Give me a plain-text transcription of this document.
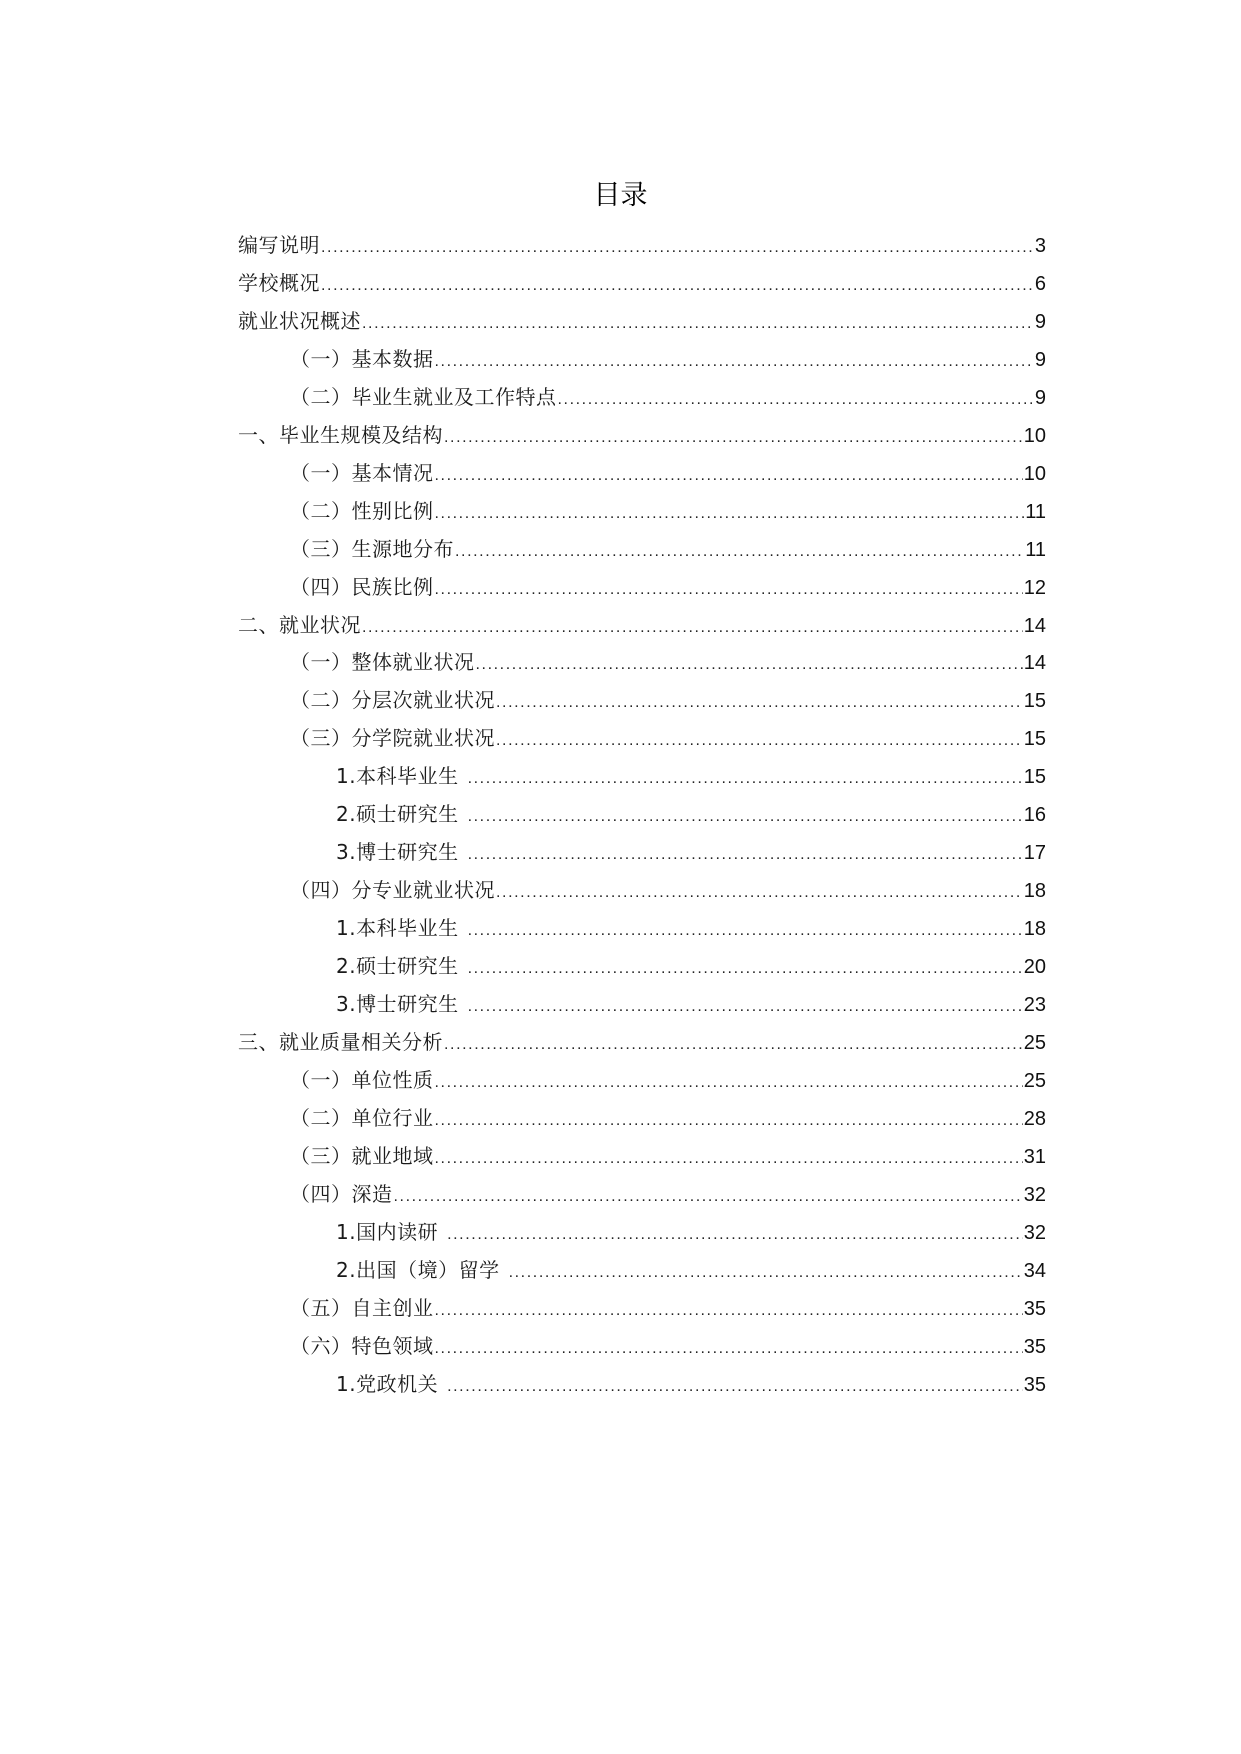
目录
编写说明 .....	3
学校概况 .....	6
就业状况概述 .....	9
（一）基本数据 .....	9
（二）毕业生就业及工作特点 .....	9
一、毕业生规模及结构 .....	10
（一）基本情况 .....	10
（二）性别比例 .....	11
（三）生源地分布 .....	11
（四）民族比例 .....	12
二、就业状况 .....	14
（一）整体就业状况 .....	14
（二）分层次就业状况 .....	15
（三）分学院就业状况 .....	15
1.本科毕业生 .....	15
2.硕士研究生 .....	16
3.博士研究生 .....	17
（四）分专业就业状况 .....	18
1.本科毕业生 .....	18
2.硕士研究生 .....	20
3.博士研究生 .....	23
三、就业质量相关分析 .....	25
（一）单位性质 .....	25
（二）单位行业 .....	28
（三）就业地域 .....	31
（四）深造 .....	32
1.国内读研 .....	32
2.出国（境）留学 .....	34
（五）自主创业 .....	35
（六）特色领域 .....	35
1.党政机关 .....	35
